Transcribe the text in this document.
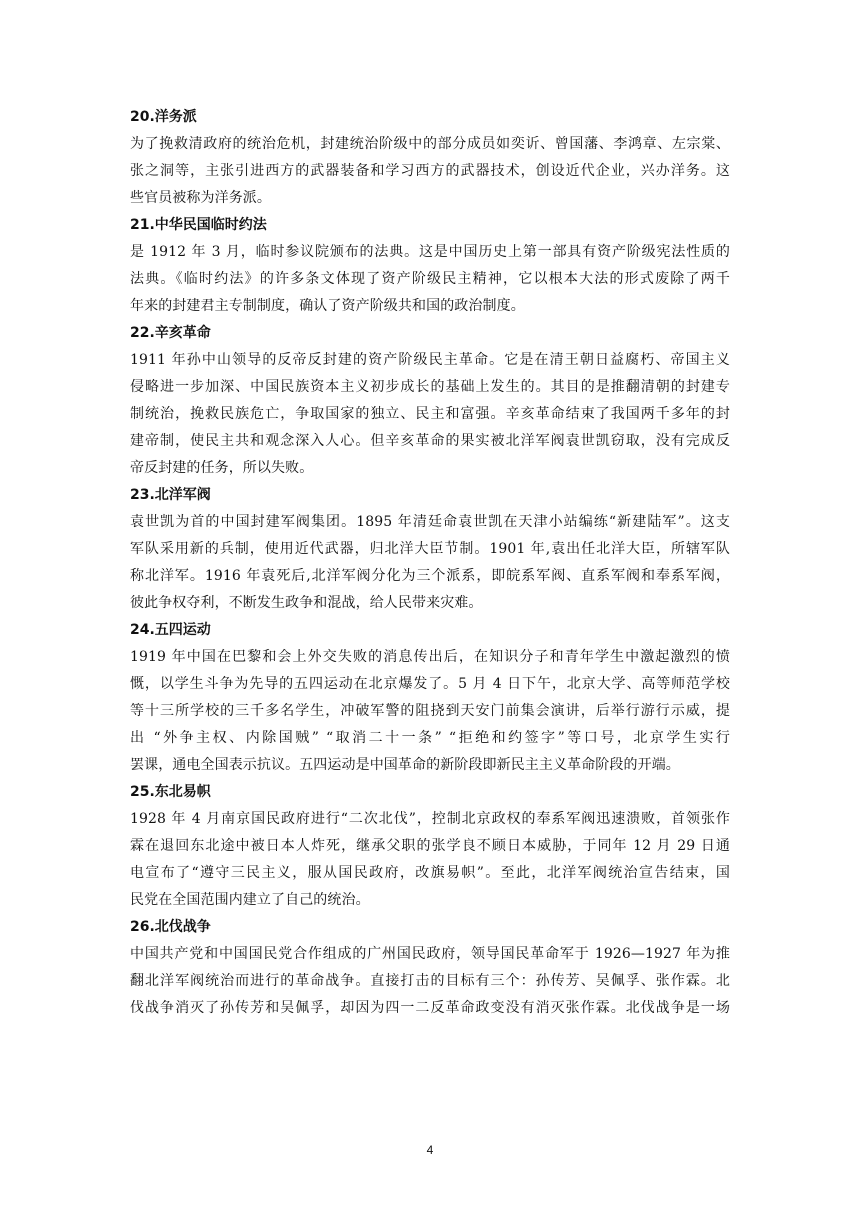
20.洋务派
为了挽救清政府的统治危机，封建统治阶级中的部分成员如奕䜣、曾国藩、李鸿章、左宗棠、
张之洞等，主张引进西方的武器装备和学习西方的武器技术，创设近代企业，兴办洋务。这
些官员被称为洋务派。
21.中华民国临时约法
是 1912 年 3 月，临时参议院颁布的法典。这是中国历史上第一部具有资产阶级宪法性质的
法典。《临时约法》的许多条文体现了资产阶级民主精神，它以根本大法的形式废除了两千
年来的封建君主专制制度，确认了资产阶级共和国的政治制度。
22.辛亥革命
1911 年孙中山领导的反帝反封建的资产阶级民主革命。它是在清王朝日益腐朽、帝国主义
侵略进一步加深、中国民族资本主义初步成长的基础上发生的。其目的是推翻清朝的封建专
制统治，挽救民族危亡，争取国家的独立、民主和富强。辛亥革命结束了我国两千多年的封
建帝制，使民主共和观念深入人心。但辛亥革命的果实被北洋军阀袁世凯窃取，没有完成反
帝反封建的任务，所以失败。
23.北洋军阀
袁世凯为首的中国封建军阀集团。1895 年清廷命袁世凯在天津小站编练“新建陆军”。这支
军队采用新的兵制，使用近代武器，归北洋大臣节制。1901 年,袁出任北洋大臣，所辖军队
称北洋军。1916 年袁死后,北洋军阀分化为三个派系，即皖系军阀、直系军阀和奉系军阀，
彼此争权夺利，不断发生政争和混战，给人民带来灾难。
24.五四运动
1919 年中国在巴黎和会上外交失败的消息传出后，在知识分子和青年学生中激起激烈的愤
慨，以学生斗争为先导的五四运动在北京爆发了。5 月 4 日下午，北京大学、高等师范学校
等十三所学校的三千多名学生，冲破军警的阻挠到天安门前集会演讲，后举行游行示威，提
出 “外争主权、内除国贼” “取消二十一条” “拒绝和约签字”等口号，北京学生实行
罢课，通电全国表示抗议。五四运动是中国革命的新阶段即新民主主义革命阶段的开端。
25.东北易帜
1928 年 4 月南京国民政府进行“二次北伐”，控制北京政权的奉系军阀迅速溃败，首领张作
霖在退回东北途中被日本人炸死，继承父职的张学良不顾日本威胁，于同年 12 月 29 日通
电宣布了“遵守三民主义，服从国民政府，改旗易帜”。至此，北洋军阀统治宣告结束，国
民党在全国范围内建立了自己的统治。
26.北伐战争
中国共产党和中国国民党合作组成的广州国民政府，领导国民革命军于 1926—1927 年为推
翻北洋军阀统治而进行的革命战争。直接打击的目标有三个：孙传芳、吴佩孚、张作霖。北
伐战争消灭了孙传芳和吴佩孚，却因为四一二反革命政变没有消灭张作霖。北伐战争是一场
4
